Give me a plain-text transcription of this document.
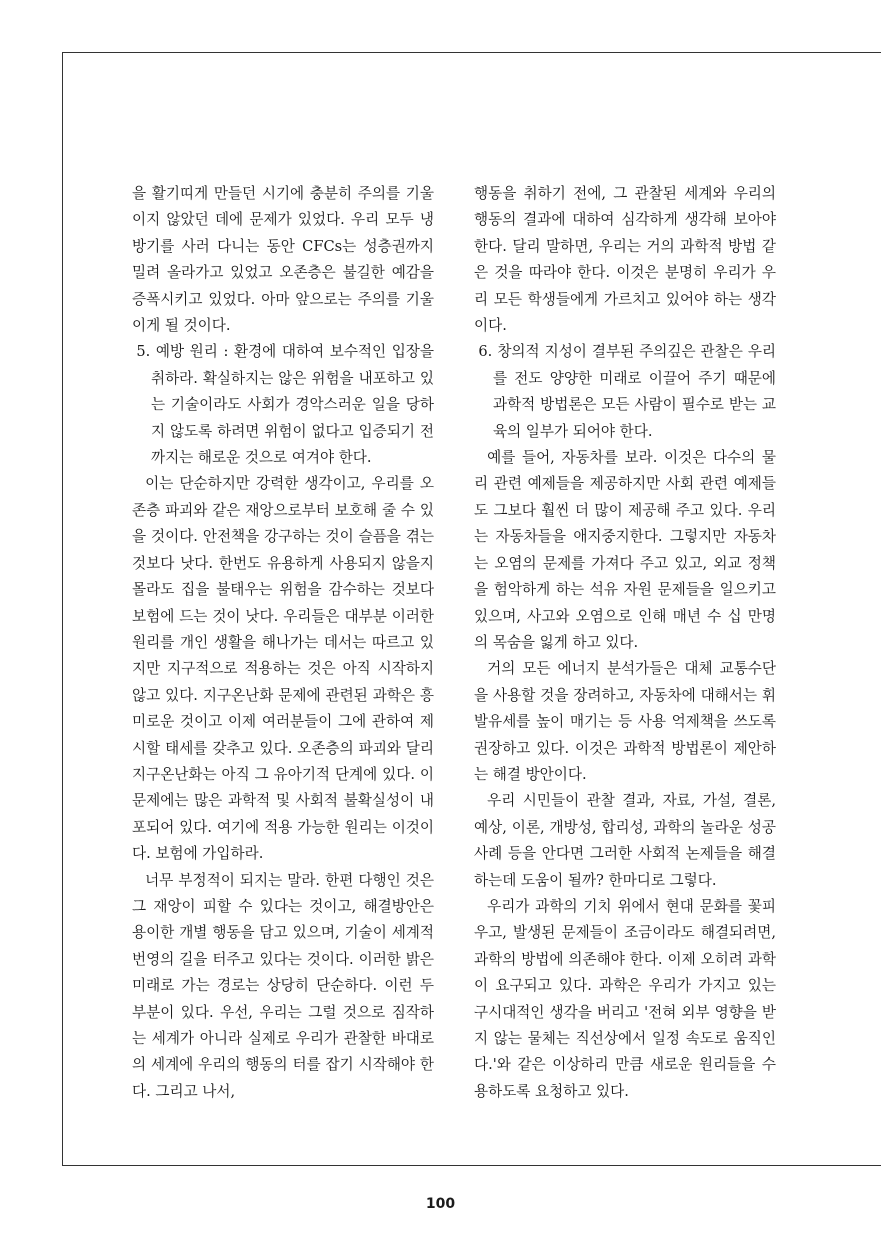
을 활기띠게 만들던 시기에 충분히 주의를 기울이지 않았던 데에 문제가 있었다. 우리 모두 냉방기를 사러 다니는 동안 CFCs는 성층권까지 밀려 올라가고 있었고 오존층은 불길한 예감을 증폭시키고 있었다. 아마 앞으로는 주의를 기울이게 될 것이다.

5. 예방 원리 : 환경에 대하여 보수적인 입장을 취하라. 확실하지는 않은 위험을 내포하고 있는 기술이라도 사회가 경악스러운 일을 당하지 않도록 하려면 위험이 없다고 입증되기 전까지는 해로운 것으로 여겨야 한다.

이는 단순하지만 강력한 생각이고, 우리를 오존층 파괴와 같은 재앙으로부터 보호해 줄 수 있을 것이다. 안전책을 강구하는 것이 슬픔을 겪는 것보다 낫다. 한번도 유용하게 사용되지 않을지 몰라도 집을 불태우는 위험을 감수하는 것보다 보험에 드는 것이 낫다. 우리들은 대부분 이러한 원리를 개인 생활을 해나가는 데서는 따르고 있지만 지구적으로 적용하는 것은 아직 시작하지 않고 있다. 지구온난화 문제에 관련된 과학은 흥미로운 것이고 이제 여러분들이 그에 관하여 제시할 태세를 갖추고 있다. 오존층의 파괴와 달리 지구온난화는 아직 그 유아기적 단계에 있다. 이 문제에는 많은 과학적 및 사회적 불확실성이 내포되어 있다. 여기에 적용 가능한 원리는 이것이다. 보험에 가입하라.

너무 부정적이 되지는 말라. 한편 다행인 것은 그 재앙이 피할 수 있다는 것이고, 해결방안은 용이한 개별 행동을 담고 있으며, 기술이 세계적 번영의 길을 터주고 있다는 것이다. 이러한 밝은 미래로 가는 경로는 상당히 단순하다. 이런 두 부분이 있다. 우선, 우리는 그럴 것으로 짐작하는 세계가 아니라 실제로 우리가 관찰한 바대로의 세계에 우리의 행동의 터를 잡기 시작해야 한다. 그리고 나서,

행동을 취하기 전에, 그 관찰된 세계와 우리의 행동의 결과에 대하여 심각하게 생각해 보아야 한다. 달리 말하면, 우리는 거의 과학적 방법 같은 것을 따라야 한다. 이것은 분명히 우리가 우리 모든 학생들에게 가르치고 있어야 하는 생각이다.

6. 창의적 지성이 결부된 주의깊은 관찰은 우리를 전도 양양한 미래로 이끌어 주기 때문에 과학적 방법론은 모든 사람이 필수로 받는 교육의 일부가 되어야 한다.

예를 들어, 자동차를 보라. 이것은 다수의 물리 관련 예제들을 제공하지만 사회 관련 예제들도 그보다 훨씬 더 많이 제공해 주고 있다. 우리는 자동차들을 애지중지한다. 그렇지만 자동차는 오염의 문제를 가져다 주고 있고, 외교 정책을 험악하게 하는 석유 자원 문제들을 일으키고 있으며, 사고와 오염으로 인해 매년 수 십 만명의 목숨을 잃게 하고 있다.

거의 모든 에너지 분석가들은 대체 교통수단을 사용할 것을 장려하고, 자동차에 대해서는 휘발유세를 높이 매기는 등 사용 억제책을 쓰도록 권장하고 있다. 이것은 과학적 방법론이 제안하는 해결 방안이다.

우리 시민들이 관찰 결과, 자료, 가설, 결론, 예상, 이론, 개방성, 합리성, 과학의 놀라운 성공 사례 등을 안다면 그러한 사회적 논제들을 해결하는데 도움이 될까? 한마디로 그렇다.

우리가 과학의 기치 위에서 현대 문화를 꽃피우고, 발생된 문제들이 조금이라도 해결되려면, 과학의 방법에 의존해야 한다. 이제 오히려 과학이 요구되고 있다. 과학은 우리가 가지고 있는 구시대적인 생각을 버리고 '전혀 외부 영향을 받지 않는 물체는 직선상에서 일정 속도로 움직인다.'와 같은 이상하리 만큼 새로운 원리들을 수용하도록 요청하고 있다.

100
